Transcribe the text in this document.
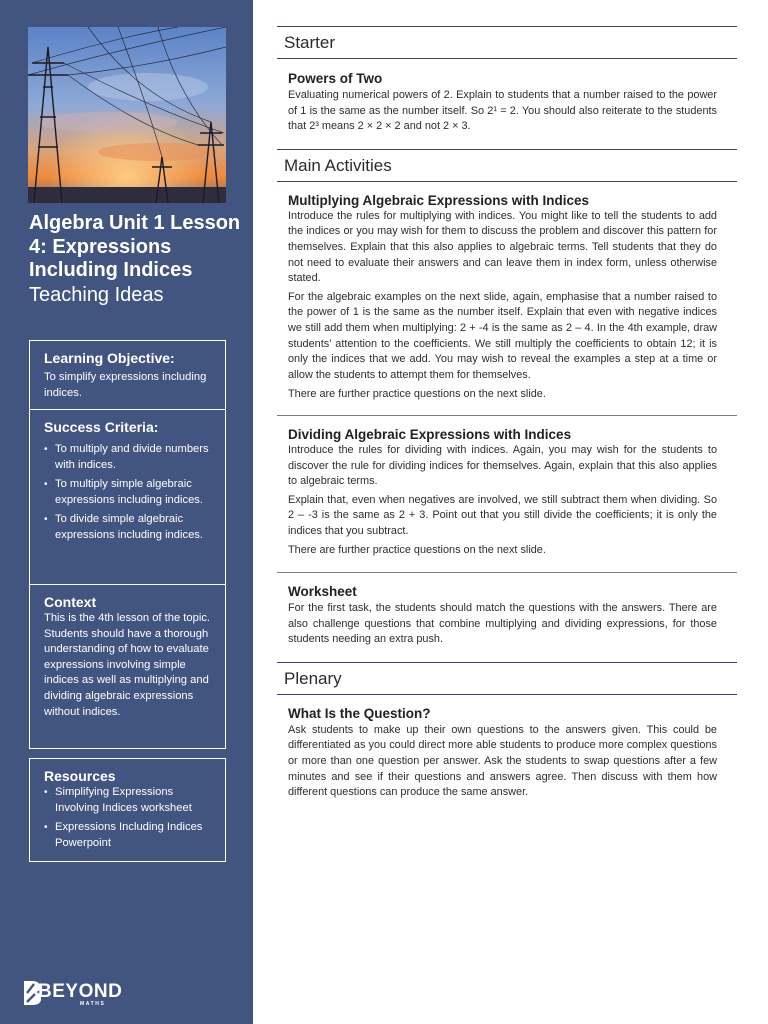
Algebra Unit 1 Lesson 4: Expressions Including Indices
Teaching Ideas
Learning Objective:

To simplify expressions including indices.

Success Criteria:
• To multiply and divide numbers with indices.
• To multiply simple algebraic expressions including indices.
• To divide simple algebraic expressions including indices.
Context

This is the 4th lesson of the topic. Students should have a thorough understanding of how to evaluate expressions involving simple indices as well as multiplying and dividing algebraic expressions without indices.

Resources
• Simplifying Expressions Involving Indices worksheet
• Expressions Including Indices Powerpoint
BEYOND
MATHS
Starter

Powers of Two

Evaluating numerical powers of 2. Explain to students that a number raised to the power of 1 is the same as the number itself. So 2¹ = 2. You should also reiterate to the students that 2³ means 2 × 2 × 2 and not 2 × 3.

Main Activities

Multiplying Algebraic Expressions with Indices

Introduce the rules for multiplying with indices. You might like to tell the students to add the indices or you may wish for them to discuss the problem and discover this pattern for themselves. Explain that this also applies to algebraic terms. Tell students that they do not need to evaluate their answers and can leave them in index form, unless otherwise stated.

For the algebraic examples on the next slide, again, emphasise that a number raised to the power of 1 is the same as the number itself. Explain that even with negative indices we still add them when multiplying: 2 + -4 is the same as 2 – 4. In the 4th example, draw students’ attention to the coefficients. We still multiply the coefficients to obtain 12; it is only the indices that we add. You may wish to reveal the examples a step at a time or allow the students to attempt them for themselves.

There are further practice questions on the next slide.

Dividing Algebraic Expressions with Indices

Introduce the rules for dividing with indices. Again, you may wish for the students to discover the rule for dividing indices for themselves. Again, explain that this also applies to algebraic terms.

Explain that, even when negatives are involved, we still subtract them when dividing. So 2 – -3 is the same as 2 + 3. Point out that you still divide the coefficients; it is only the indices that you subtract.

There are further practice questions on the next slide.

Worksheet

For the first task, the students should match the questions with the answers. There are also challenge questions that combine multiplying and dividing expressions, for those students needing an extra push.

Plenary

What Is the Question?

Ask students to make up their own questions to the answers given. This could be differentiated as you could direct more able students to produce more complex questions or more than one question per answer. Ask the students to swap questions after a few minutes and see if their questions and answers agree. Then discuss with them how different questions can produce the same answer.
